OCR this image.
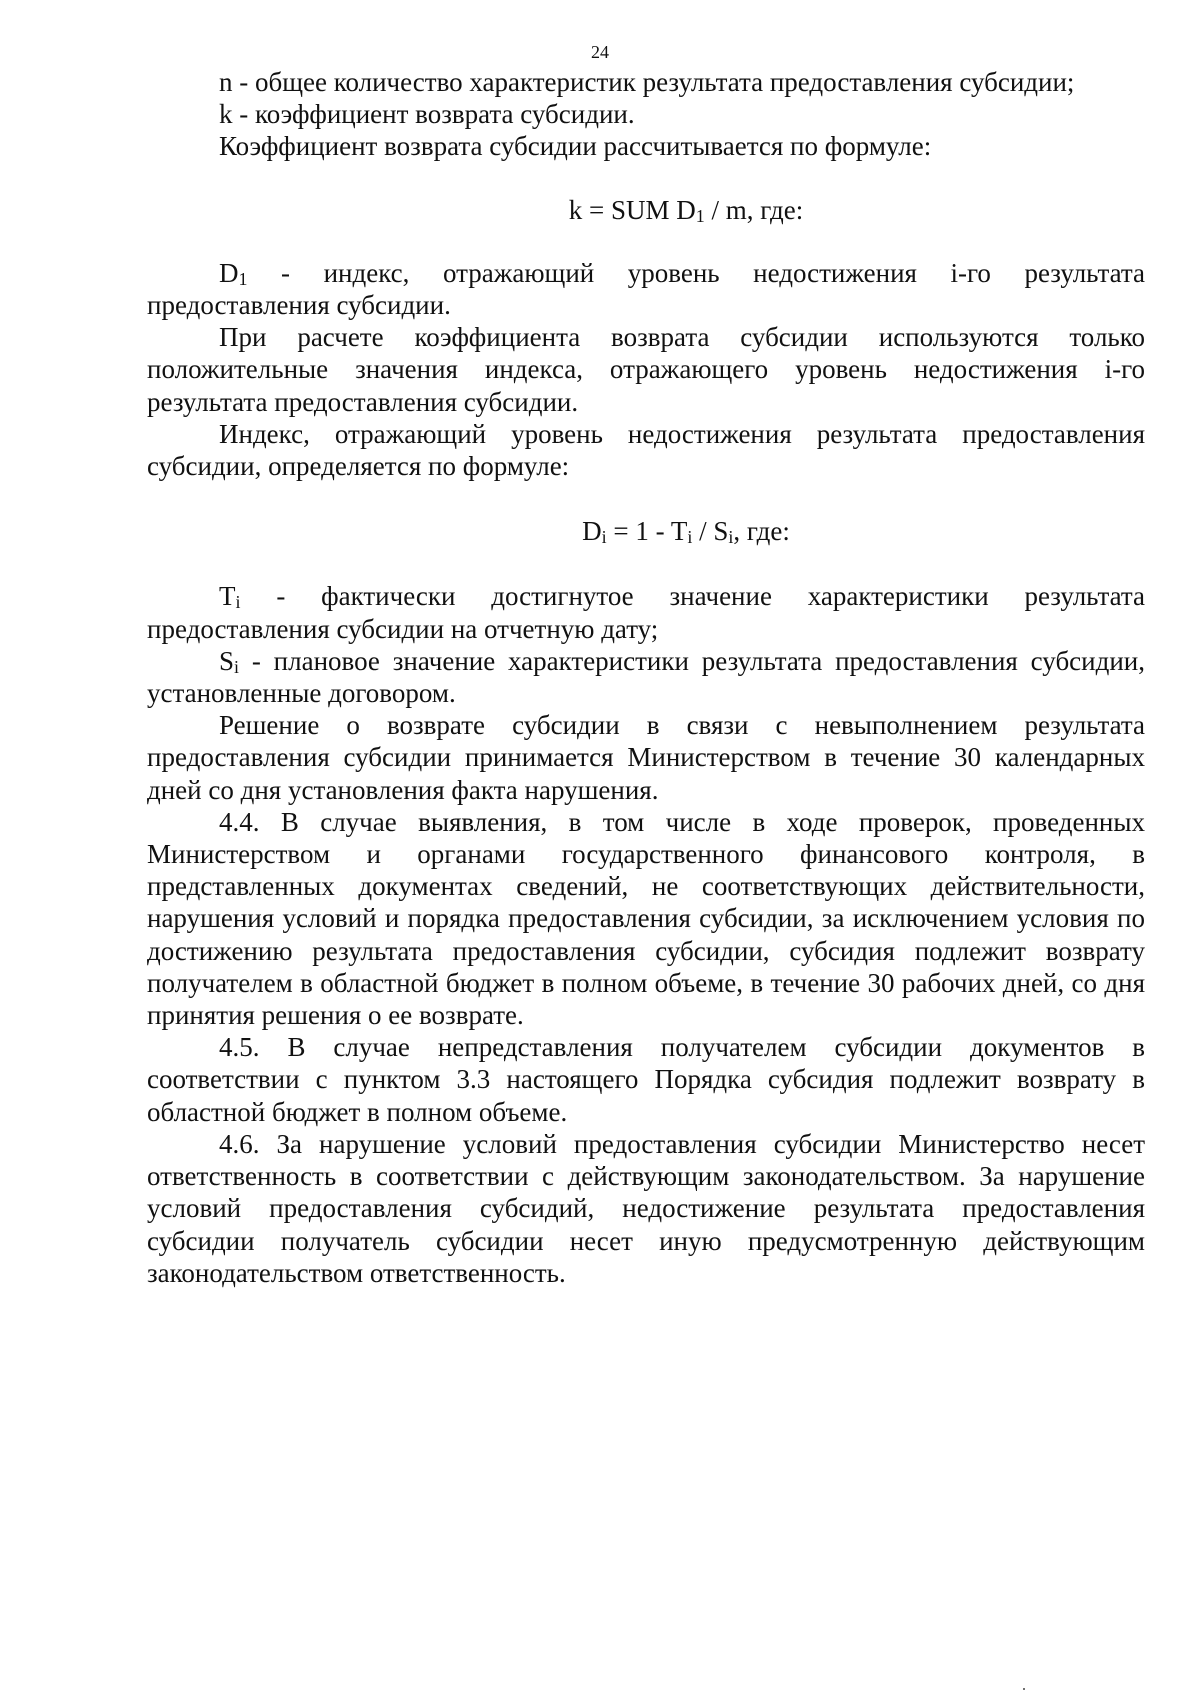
24

n - общее количество характеристик результата предоставления субсидии;

k - коэффициент возврата субсидии.

Коэффициент возврата субсидии рассчитывается по формуле:

k = SUM $D_1$ / m, где:

$D_1$ - индекс, отражающий уровень недостижения i-го результата предоставления субсидии.

При расчете коэффициента возврата субсидии используются только положительные значения индекса, отражающего уровень недостижения i-го результата предоставления субсидии.

Индекс, отражающий уровень недостижения результата предоставления субсидии, определяется по формуле:

$D_i = 1 - T_i / S_i$, где:

$T_i$ - фактически достигнутое значение характеристики результата предоставления субсидии на отчетную дату;

$S_i$ - плановое значение характеристики результата предоставления субсидии, установленные договором.

Решение о возврате субсидии в связи с невыполнением результата предоставления субсидии принимается Министерством в течение 30 календарных дней со дня установления факта нарушения.

4.4. В случае выявления, в том числе в ходе проверок, проведенных Министерством и органами государственного финансового контроля, в представленных документах сведений, не соответствующих действительности, нарушения условий и порядка предоставления субсидии, за исключением условия по достижению результата предоставления субсидии, субсидия подлежит возврату получателем в областной бюджет в полном объеме, в течение 30 рабочих дней, со дня принятия решения о ее возврате.

4.5. В случае непредставления получателем субсидии документов в соответствии с пунктом 3.3 настоящего Порядка субсидия подлежит возврату в областной бюджет в полном объеме.

4.6. За нарушение условий предоставления субсидии Министерство несет ответственность в соответствии с действующим законодательством. За нарушение условий предоставления субсидий, недостижение результата предоставления субсидии получатель субсидии несет иную предусмотренную действующим законодательством ответственность.
